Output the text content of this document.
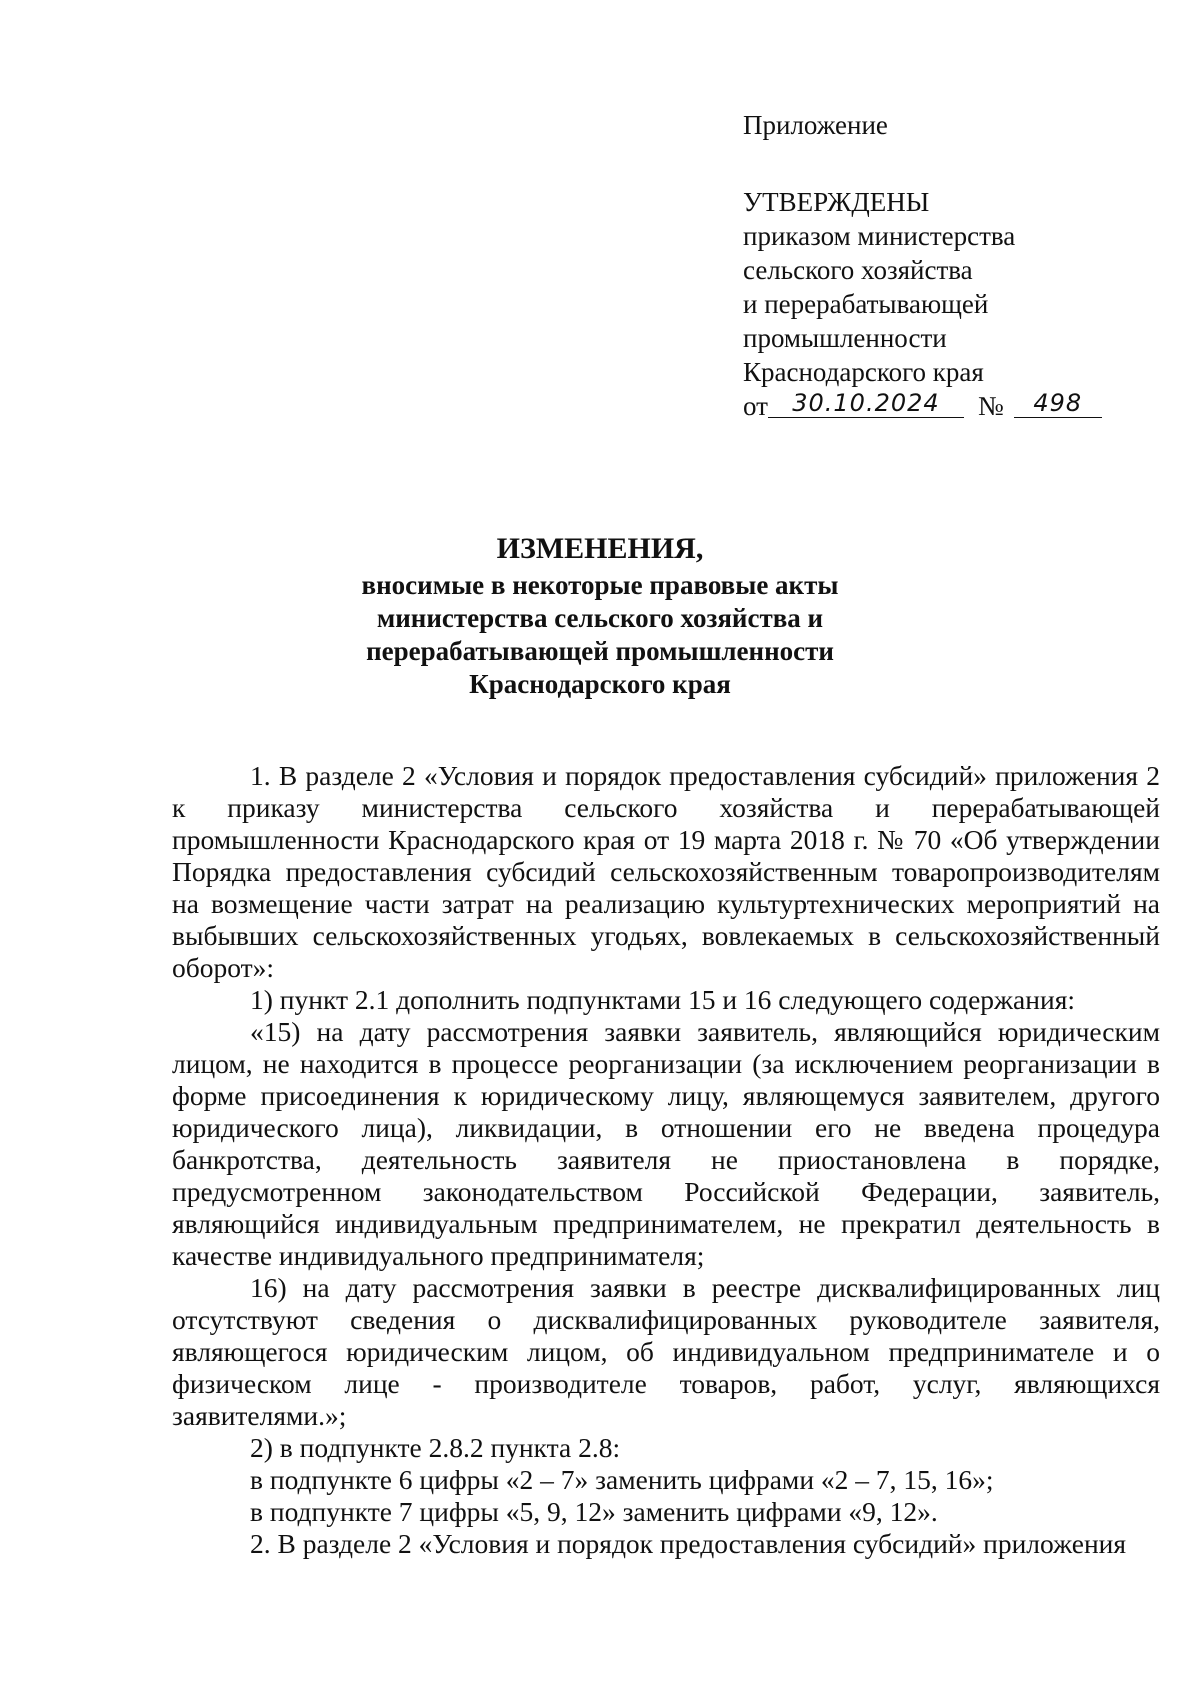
Приложение
УТВЕРЖДЕНЫ
приказом министерства
сельского хозяйства
и перерабатывающей
промышленности
Краснодарского края
от 30.10.2024 № 498
ИЗМЕНЕНИЯ,
вносимые в некоторые правовые акты
министерства сельского хозяйства и
перерабатывающей промышленности
Краснодарского края

1. В разделе 2 «Условия и порядок предоставления субсидий» приложения 2 к приказу министерства сельского хозяйства и перерабатывающей промышленности Краснодарского края от 19 марта 2018 г. № 70 «Об утверждении Порядка предоставления субсидий сельскохозяйственным товаропроизводителям на возмещение части затрат на реализацию культуртехнических мероприятий на выбывших сельскохозяйственных угодьях, вовлекаемых в сельскохозяйственный оборот»:

1) пункт 2.1 дополнить подпунктами 15 и 16 следующего содержания:

«15) на дату рассмотрения заявки заявитель, являющийся юридическим лицом, не находится в процессе реорганизации (за исключением реорганизации в форме присоединения к юридическому лицу, являющемуся заявителем, другого юридического лица), ликвидации, в отношении его не введена процедура банкротства, деятельность заявителя не приостановлена в порядке, предусмотренном законодательством Российской Федерации, заявитель, являющийся индивидуальным предпринимателем, не прекратил деятельность в качестве индивидуального предпринимателя;

16) на дату рассмотрения заявки в реестре дисквалифицированных лиц отсутствуют сведения о дисквалифицированных руководителе заявителя, являющегося юридическим лицом, об индивидуальном предпринимателе и о физическом лице - производителе товаров, работ, услуг, являющихся заявителями.»;

2) в подпункте 2.8.2 пункта 2.8:

в подпункте 6 цифры «2 – 7» заменить цифрами «2 – 7, 15, 16»;

в подпункте 7 цифры «5, 9, 12» заменить цифрами «9, 12».

2. В разделе 2 «Условия и порядок предоставления субсидий» приложения
